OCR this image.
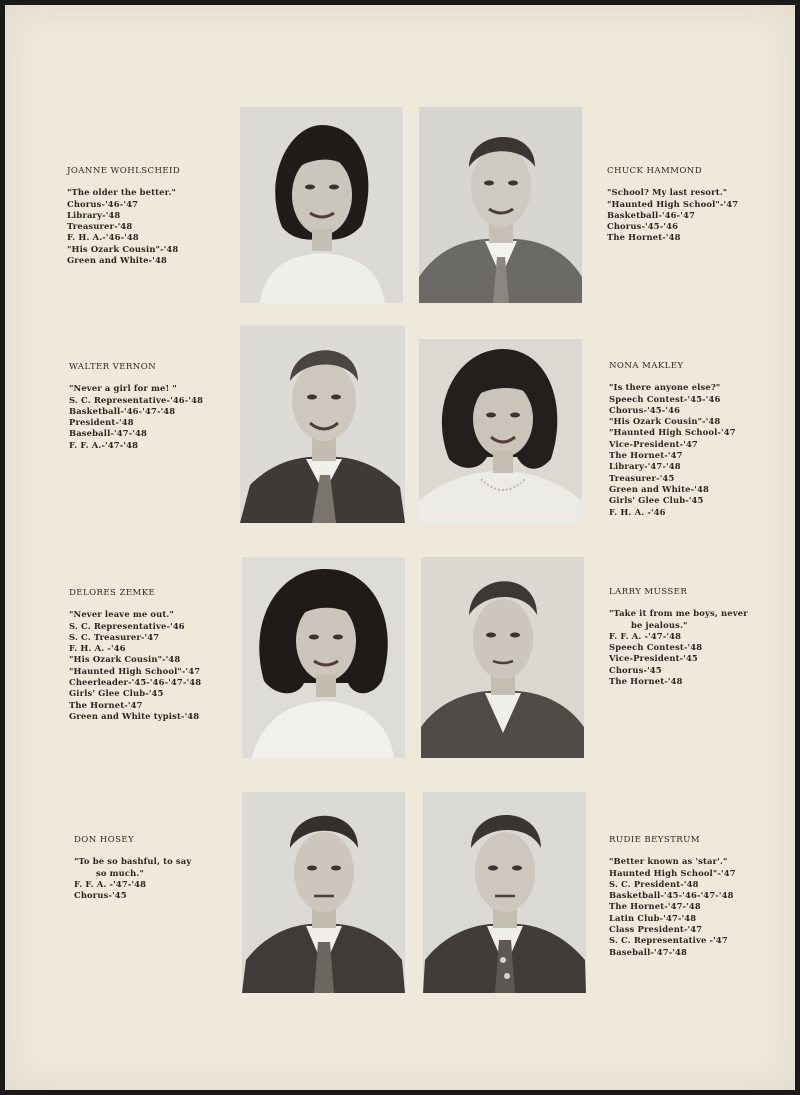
JOANNE WOHLSCHEID
"The older the better."
Chorus-'46-'47
Library-'48
Treasurer-'48
F. H. A.-'46-'48
"His Ozark Cousin"-'48
Green and White-'48
CHUCK HAMMOND
"School? My last resort."
"Haunted High School"-'47
Basketball-'46-'47
Chorus-'45-'46
The Hornet-'48
WALTER VERNON
"Never a girl for me! "
S. C. Representative-'46-'48
Basketball-'46-'47-'48
President-'48
Baseball-'47-'48
F. F. A.-'47-'48
NONA MAKLEY
"Is there anyone else?"
Speech Contest-'45-'46
Chorus-'45-'46
"His Ozark Cousin"-'48
"Haunted High School-'47
Vice-President-'47
The Hornet-'47
Library-'47-'48
Treasurer-'45
Green and White-'48
Girls' Glee Club-'45
F. H. A. -'46
DELORES ZEMKE
"Never leave me out."
S. C. Representative-'46
S. C. Treasurer-'47
F. H. A. -'46
"His Ozark Cousin"-'48
"Haunted High School"-'47
Cheerleader-'45-'46-'47-'48
Girls' Glee Club-'45
The Hornet-'47
Green and White typist-'48
LARRY MUSSER
"Take it from me boys, never
be jealous."
F. F. A. -'47-'48
Speech Contest-'48
Vice-President-'45
Chorus-'45
The Hornet-'48
DON HOSEY
"To be so bashful, to say
so much."
F. F. A. -'47-'48
Chorus-'45
RUDIE BEYSTRUM
"Better known as 'star'."
Haunted High School"-'47
S. C. President-'48
Basketball-'45-'46-'47-'48
The Hornet-'47-'48
Latin Club-'47-'48
Class President-'47
S. C. Representative -'47
Baseball-'47-'48
